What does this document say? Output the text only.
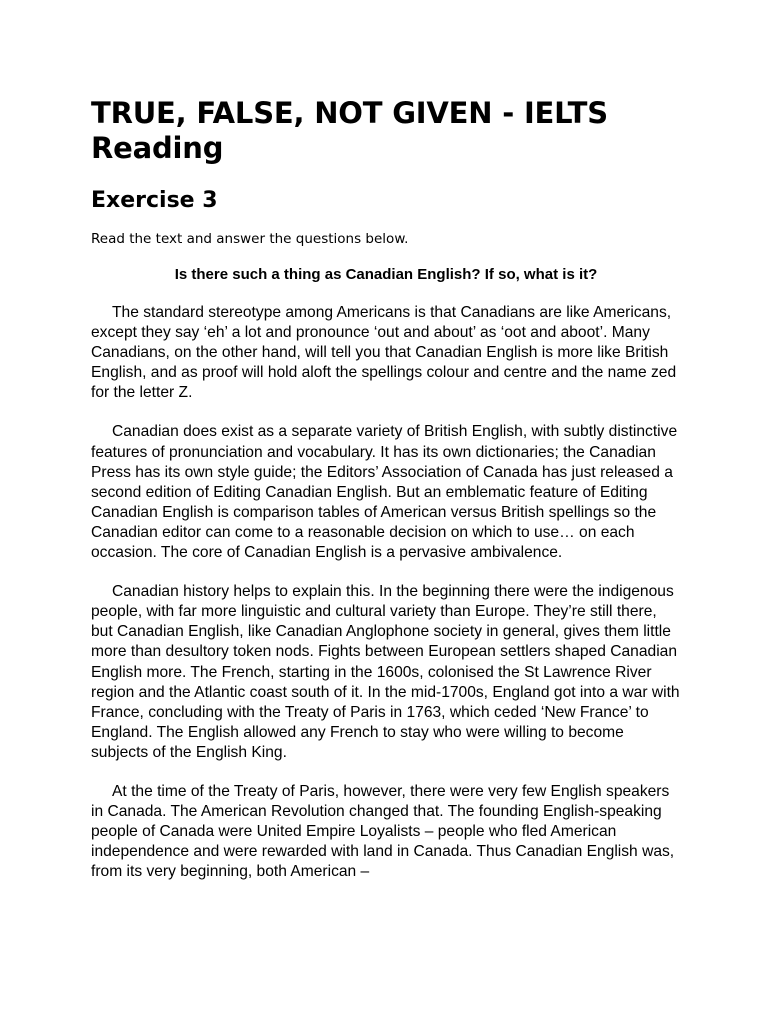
TRUE, FALSE, NOT GIVEN - IELTS Reading
Exercise 3

Read the text and answer the questions below.

Is there such a thing as Canadian English? If so, what is it?

The standard stereotype among Americans is that Canadians are like Americans, except they say ‘eh’ a lot and pronounce ‘out and about’ as ‘oot and aboot’. Many Canadians, on the other hand, will tell you that Canadian English is more like British English, and as proof will hold aloft the spellings colour and centre and the name zed for the letter Z.

Canadian does exist as a separate variety of British English, with subtly distinctive features of pronunciation and vocabulary. It has its own dictionaries; the Canadian Press has its own style guide; the Editors’ Association of Canada has just released a second edition of Editing Canadian English. But an emblematic feature of Editing Canadian English is comparison tables of American versus British spellings so the Canadian editor can come to a reasonable decision on which to use… on each occasion. The core of Canadian English is a pervasive ambivalence.

Canadian history helps to explain this. In the beginning there were the indigenous people, with far more linguistic and cultural variety than Europe. They’re still there, but Canadian English, like Canadian Anglophone society in general, gives them little more than desultory token nods. Fights between European settlers shaped Canadian English more. The French, starting in the 1600s, colonised the St Lawrence River region and the Atlantic coast south of it. In the mid-1700s, England got into a war with France, concluding with the Treaty of Paris in 1763, which ceded ‘New France’ to England. The English allowed any French to stay who were willing to become subjects of the English King.

At the time of the Treaty of Paris, however, there were very few English speakers in Canada. The American Revolution changed that. The founding English-speaking people of Canada were United Empire Loyalists – people who fled American independence and were rewarded with land in Canada. Thus Canadian English was, from its very beginning, both American –
